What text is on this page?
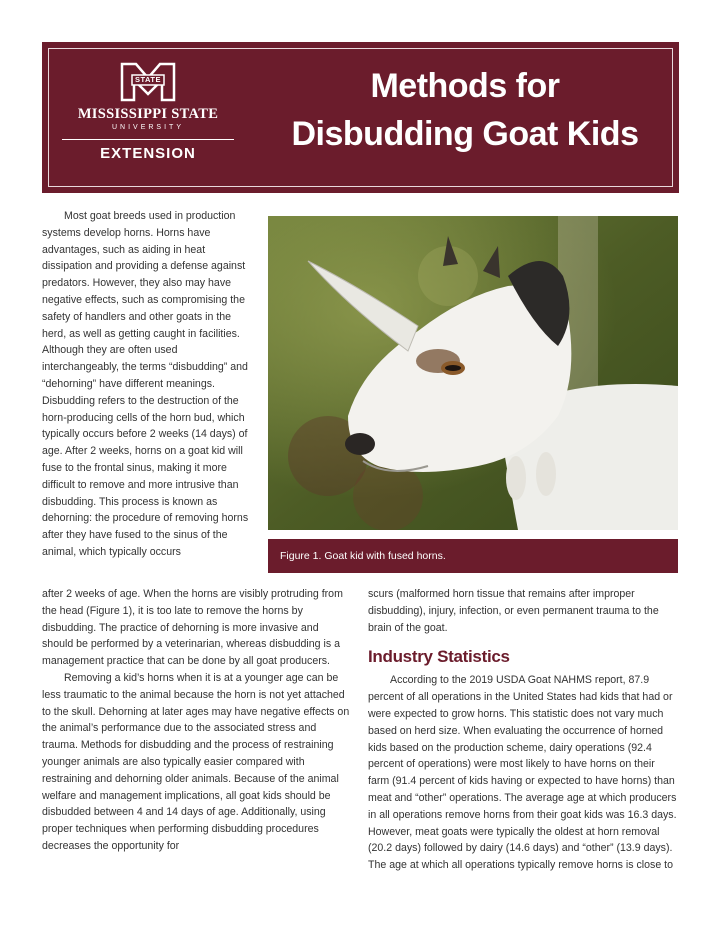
STATE
MISSISSIPPI STATE
UNIVERSITY
EXTENSION
Methods for
Disbudding Goat Kids
Figure 1. Goat kid with fused horns.

Most goat breeds used in production systems develop horns. Horns have advantages, such as aiding in heat dissipation and providing a defense against predators. However, they also may have negative effects, such as compromising the safety of handlers and other goats in the herd, as well as getting caught in facilities. Although they are often used interchangeably, the terms “disbudding” and “dehorning” have different meanings. Disbudding refers to the destruction of the horn-producing cells of the horn bud, which typically occurs before 2 weeks (14 days) of age. After 2 weeks, horns on a goat kid will fuse to the frontal sinus, making it more difficult to remove and more intrusive than disbudding. This process is known as dehorning: the procedure of removing horns after they have fused to the sinus of the animal, which typically occurs

after 2 weeks of age. When the horns are visibly protruding from the head (Figure 1), it is too late to remove the horns by disbudding. The practice of dehorning is more invasive and should be performed by a veterinarian, whereas disbudding is a management practice that can be done by all goat producers.

Removing a kid’s horns when it is at a younger age can be less traumatic to the animal because the horn is not yet attached to the skull. Dehorning at later ages may have negative effects on the animal’s performance due to the associated stress and trauma. Methods for disbudding and the process of restraining younger animals are also typically easier compared with restraining and dehorning older animals. Because of the animal welfare and management implications, all goat kids should be disbudded between 4 and 14 days of age. Additionally, using proper techniques when performing disbudding procedures decreases the opportunity for

scurs (malformed horn tissue that remains after improper disbudding), injury, infection, or even permanent trauma to the brain of the goat.

Industry Statistics

According to the 2019 USDA Goat NAHMS report, 87.9 percent of all operations in the United States had kids that had or were expected to grow horns. This statistic does not vary much based on herd size. When evaluating the occurrence of horned kids based on the production scheme, dairy operations (92.4 percent of operations) were most likely to have horns on their farm (91.4 percent of kids having or expected to have horns) than meat and “other” operations. The average age at which producers in all operations remove horns from their goat kids was 16.3 days. However, meat goats were typically the oldest at horn removal (20.2 days) followed by dairy (14.6 days) and “other” (13.9 days). The age at which all operations typically remove horns is close to
